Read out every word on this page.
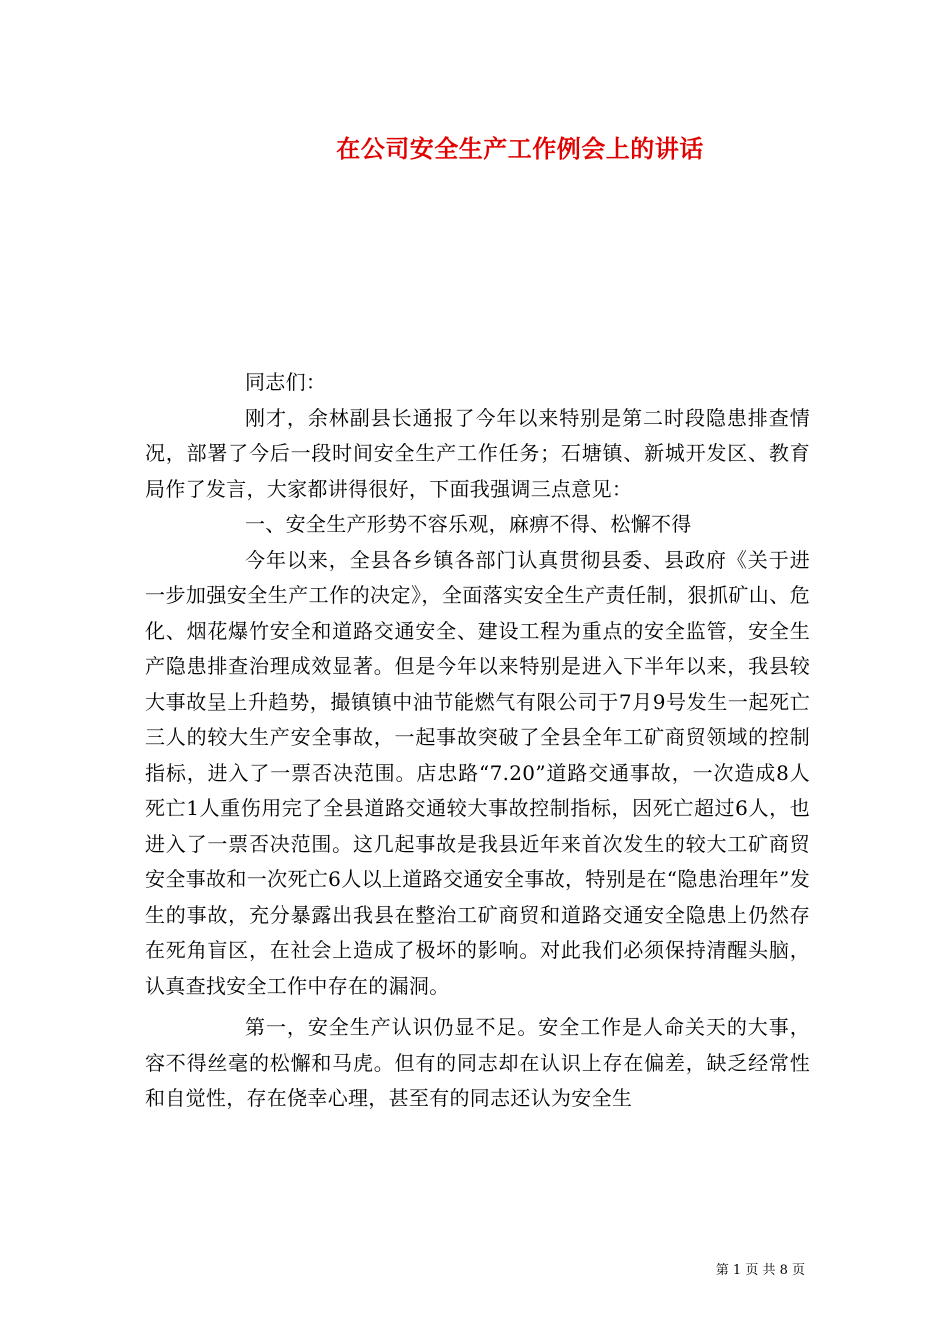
在公司安全生产工作例会上的讲话

同志们：

刚才，余林副县长通报了今年以来特别是第二时段隐患排查情况，部署了今后一段时间安全生产工作任务；石塘镇、新城开发区、教育局作了发言，大家都讲得很好，下面我强调三点意见：

一、安全生产形势不容乐观，麻痹不得、松懈不得

今年以来，全县各乡镇各部门认真贯彻县委、县政府《关于进一步加强安全生产工作的决定》，全面落实安全生产责任制，狠抓矿山、危化、烟花爆竹安全和道路交通安全、建设工程为重点的安全监管，安全生产隐患排查治理成效显著。但是今年以来特别是进入下半年以来，我县较大事故呈上升趋势，撮镇镇中油节能燃气有限公司于7月9号发生一起死亡三人的较大生产安全事故，一起事故突破了全县全年工矿商贸领域的控制指标，进入了一票否决范围。店忠路“7.20”道路交通事故，一次造成8人死亡1人重伤用完了全县道路交通较大事故控制指标，因死亡超过6人，也进入了一票否决范围。这几起事故是我县近年来首次发生的较大工矿商贸安全事故和一次死亡6人以上道路交通安全事故，特别是在“隐患治理年”发生的事故，充分暴露出我县在整治工矿商贸和道路交通安全隐患上仍然存在死角盲区，在社会上造成了极坏的影响。对此我们必须保持清醒头脑，认真查找安全工作中存在的漏洞。

第一，安全生产认识仍显不足。安全工作是人命关天的大事，容不得丝毫的松懈和马虎。但有的同志却在认识上存在偏差，缺乏经常性和自觉性，存在侥幸心理，甚至有的同志还认为安全生

第 1 页 共 8 页
